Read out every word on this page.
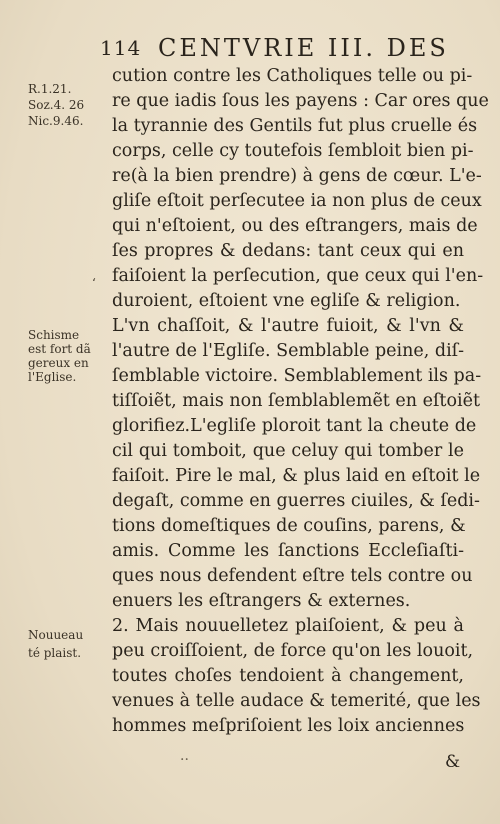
114 CENTVRIE III. DES
R.1.21.
Soz.4. 26
Nic.9.46.
‘
Schisme
est fort dã
gereux en
l'Eglise.
Nouueau
té plaist.
cution contre les Catholiques telle ou pi-
re que iadis ſous les payens : Car ores que
la tyrannie des Gentils fut plus cruelle és
corps, celle cy toutefois ſembloit bien pi-
re(à la bien prendre) à gens de cœur. L'e-
gliſe eſtoit perſecutee ia non plus de ceux
qui n'eſtoient, ou des eſtrangers, mais de
ſes propres & dedans: tant ceux qui en
faiſoient la perſecution, que ceux qui l'en-
duroient, eſtoient vne egliſe & religion.
L'vn chaſſoit, & l'autre fuioit, & l'vn &
l'autre de l'Egliſe. Semblable peine, diſ-
ſemblable victoire. Semblablement ils pa-
tiſſoiẽt, mais non ſemblablemẽt en eſtoiẽt
glorifiez.L'egliſe ploroit tant la cheute de
cil qui tomboit, que celuy qui tomber le
faiſoit. Pire le mal, & plus laid en eſtoit le
degaſt, comme en guerres ciuiles, & ſedi-
tions domeſtiques de couſins, parens, &
amis. Comme les ſanctions Eccleſiaſti-
ques nous defendent eſtre tels contre ou
enuers les eſtrangers & externes.
2. Mais nouuelletez plaiſoient, & peu à
peu croiſſoient, de force qu'on les louoit,
toutes choſes tendoient à changement,
venues à telle audace & temerité, que les
hommes meſpriſoient les loix anciennes
··	&
